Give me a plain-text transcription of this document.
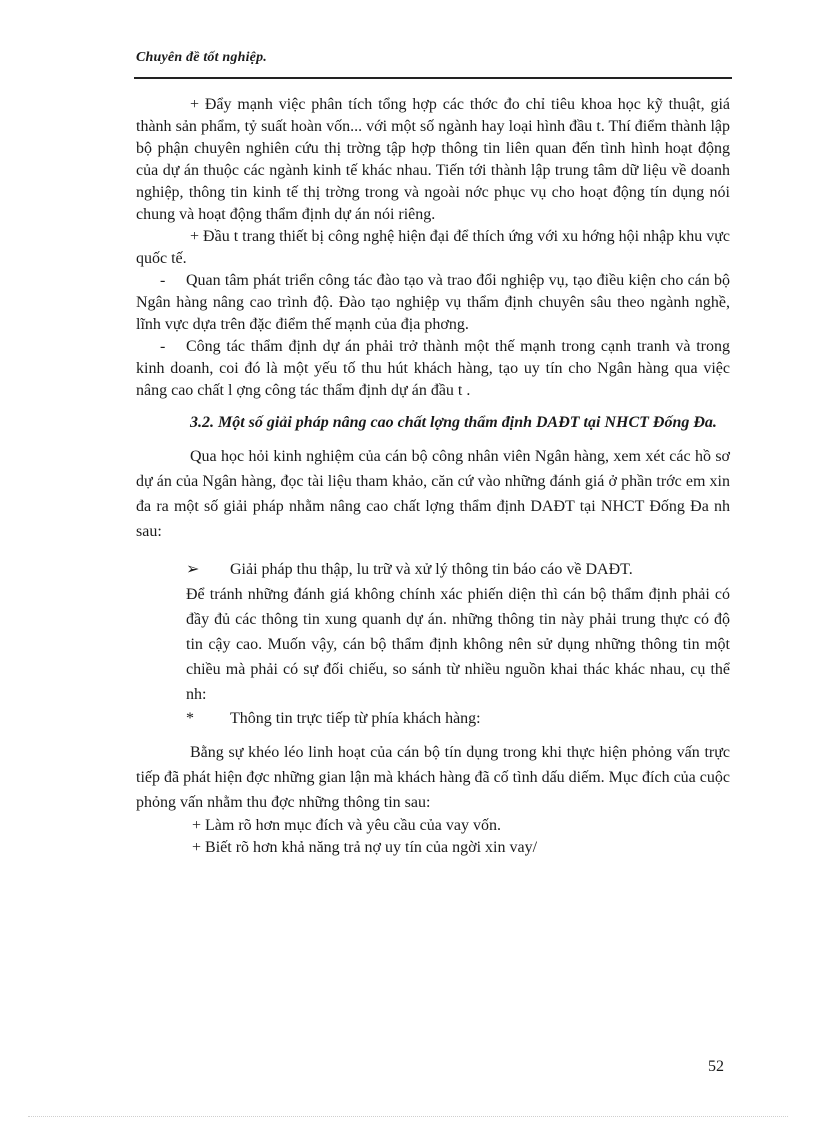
Chuyên đề tốt nghiệp.

+ Đẩy mạnh việc phân tích tổng hợp các thớc đo chỉ tiêu khoa học kỹ thuật, giá thành sản phẩm, tỷ suất hoàn vốn... với một số ngành hay loại hình đầu t. Thí điểm thành lập bộ phận chuyên nghiên cứu thị trờng tập hợp thông tin liên quan đến tình hình hoạt động của dự án thuộc các ngành kinh tế khác nhau. Tiến tới thành lập trung tâm dữ liệu về doanh nghiệp, thông tin kinh tế thị trờng trong và ngoài nớc phục vụ cho hoạt động tín dụng nói chung và hoạt động thẩm định dự án nói riêng.

+ Đầu t trang thiết bị công nghệ hiện đại để thích ứng với xu hớng hội nhập khu vực quốc tế.

- Quan tâm phát triển công tác đào tạo và trao đổi nghiệp vụ, tạo điều kiện cho cán bộ Ngân hàng nâng cao trình độ. Đào tạo nghiệp vụ thẩm định chuyên sâu theo ngành nghề, lĩnh vực dựa trên đặc điểm thế mạnh của địa phơng.

- Công tác thẩm định dự án phải trở thành một thế mạnh trong cạnh tranh và trong kinh doanh, coi đó là một yếu tố thu hút khách hàng, tạo uy tín cho Ngân hàng qua việc nâng cao chất l ợng công tác thẩm định dự án đầu t .

3.2. Một số giải pháp nâng cao chất lợng thẩm định DAĐT tại NHCT Đống Đa.

Qua học hỏi kinh nghiệm của cán bộ công nhân viên Ngân hàng, xem xét các hồ sơ dự án của Ngân hàng, đọc tài liệu tham khảo, căn cứ vào những đánh giá ở phần trớc em xin đa ra một số giải pháp nhằm nâng cao chất lợng thẩm định DAĐT tại NHCT Đống Đa nh sau:

➢ Giải pháp thu thập, lu trữ và xử lý thông tin báo cáo về DAĐT.

Để tránh những đánh giá không chính xác phiến diện thì cán bộ thẩm định phải có đầy đủ các thông tin xung quanh dự án. những thông tin này phải trung thực có độ tin cậy cao. Muốn vậy, cán bộ thẩm định không nên sử dụng những thông tin một chiều mà phải có sự đối chiếu, so sánh từ nhiều nguồn khai thác khác nhau, cụ thể nh:

* Thông tin trực tiếp từ phía khách hàng:

Bằng sự khéo léo linh hoạt của cán bộ tín dụng trong khi thực hiện phỏng vấn trực tiếp đã phát hiện đợc những gian lận mà khách hàng đã cố tình dấu diếm. Mục đích của cuộc phỏng vấn nhằm thu đợc những thông tin sau:

+ Làm rõ hơn mục đích và yêu cầu của vay vốn.

+ Biết rõ hơn khả năng trả nợ uy tín của ngời xin vay/

52
